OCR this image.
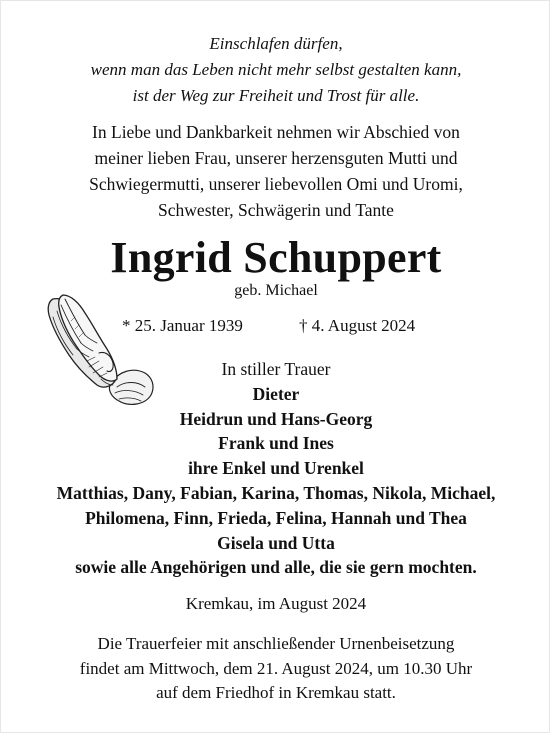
Einschlafen dürfen,
wenn man das Leben nicht mehr selbst gestalten kann,
ist der Weg zur Freiheit und Trost für alle.
In Liebe und Dankbarkeit nehmen wir Abschied von
meiner lieben Frau, unserer herzensguten Mutti und
Schwiegermutti, unserer liebevollen Omi und Uromi,
Schwester, Schwägerin und Tante
Ingrid Schuppert
geb. Michael
* 25. Januar 1939	† 4. August 2024
In stiller Trauer
Dieter
Heidrun und Hans-Georg
Frank und Ines
ihre Enkel und Urenkel
Matthias, Dany, Fabian, Karina, Thomas, Nikola, Michael,
Philomena, Finn, Frieda, Felina, Hannah und Thea
Gisela und Utta
sowie alle Angehörigen und alle, die sie gern mochten.
Kremkau, im August 2024
Die Trauerfeier mit anschließender Urnenbeisetzung
findet am Mittwoch, dem 21. August 2024, um 10.30 Uhr
auf dem Friedhof in Kremkau statt.
